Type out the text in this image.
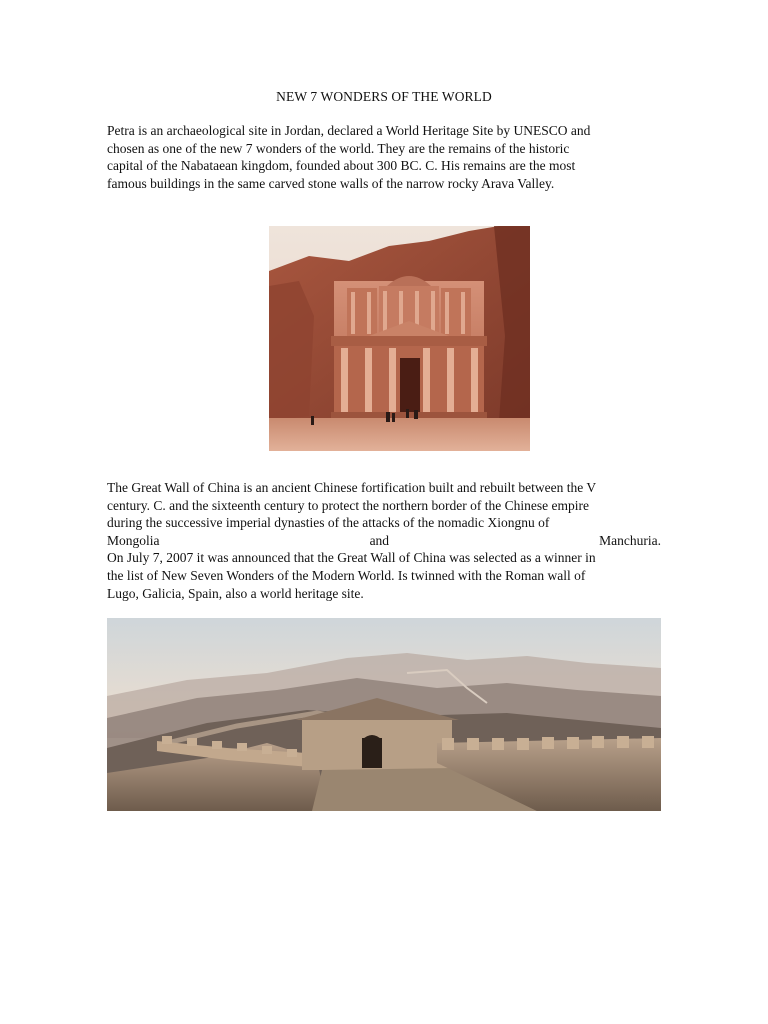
NEW 7 WONDERS OF THE WORLD

Petra is an archaeological site in Jordan, declared a World Heritage Site by UNESCO and
chosen as one of the new 7 wonders of the world. They are the remains of the historic
capital of the Nabataean kingdom, founded about 300 BC. C. His remains are the most
famous buildings in the same carved stone walls of the narrow rocky Arava Valley.

The Great Wall of China is an ancient Chinese fortification built and rebuilt between the V
century. C. and the sixteenth century to protect the northern border of the Chinese empire
during the successive imperial dynasties of the attacks of the nomadic Xiongnu of
Mongolia	and	Manchuria.
On July 7, 2007 it was announced that the Great Wall of China was selected as a winner in
the list of New Seven Wonders of the Modern World. Is twinned with the Roman wall of
Lugo, Galicia, Spain, also a world heritage site.
